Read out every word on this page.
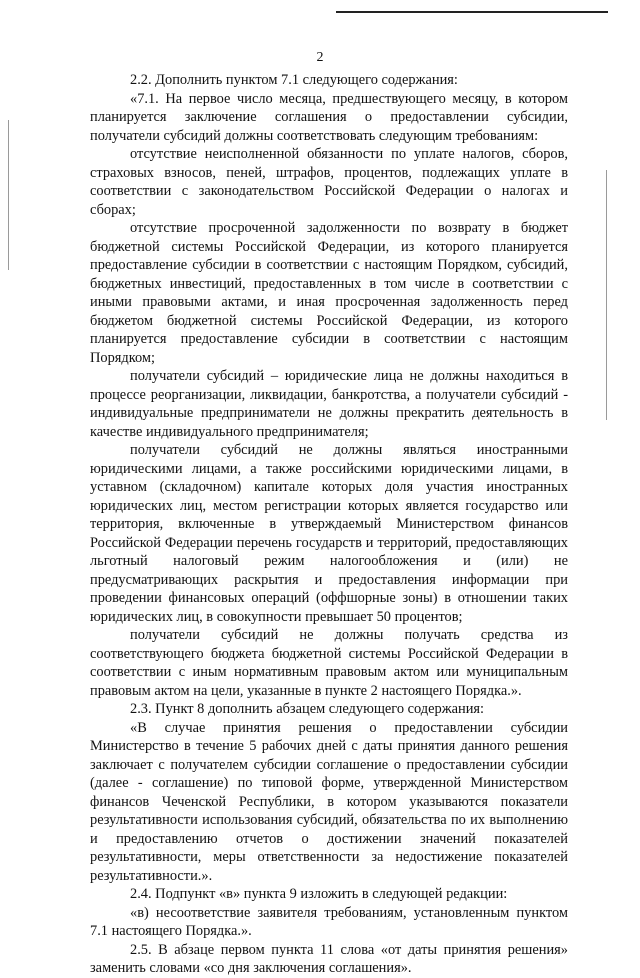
2

2.2. Дополнить пунктом 7.1 следующего содержания:

«7.1. На первое число месяца, предшествующего месяцу, в котором планируется заключение соглашения о предоставлении субсидии, получатели субсидий должны соответствовать следующим требованиям:

отсутствие неисполненной обязанности по уплате налогов, сборов, страховых взносов, пеней, штрафов, процентов, подлежащих уплате в соответствии с законодательством Российской Федерации о налогах и сборах;

отсутствие просроченной задолженности по возврату в бюджет бюджетной системы Российской Федерации, из которого планируется предоставление субсидии в соответствии с настоящим Порядком, субсидий, бюджетных инвестиций, предоставленных в том числе в соответствии с иными правовыми актами, и иная просроченная задолженность перед бюджетом бюджетной системы Российской Федерации, из которого планируется предоставление субсидии в соответствии с настоящим Порядком;

получатели субсидий – юридические лица не должны находиться в процессе реорганизации, ликвидации, банкротства, а получатели субсидий - индивидуальные предприниматели не должны прекратить деятельность в качестве индивидуального предпринимателя;

получатели субсидий не должны являться иностранными юридическими лицами, а также российскими юридическими лицами, в уставном (складочном) капитале которых доля участия иностранных юридических лиц, местом регистрации которых является государство или территория, включенные в утверждаемый Министерством финансов Российской Федерации перечень государств и территорий, предоставляющих льготный налоговый режим налогообложения и (или) не предусматривающих раскрытия и предоставления информации при проведении финансовых операций (оффшорные зоны) в отношении таких юридических лиц, в совокупности превышает 50 процентов;

получатели субсидий не должны получать средства из соответствующего бюджета бюджетной системы Российской Федерации в соответствии с иным нормативным правовым актом или муниципальным правовым актом на цели, указанные в пункте 2 настоящего Порядка.».

2.3. Пункт 8 дополнить абзацем следующего содержания:

«В случае принятия решения о предоставлении субсидии Министерство в течение 5 рабочих дней с даты принятия данного решения заключает с получателем субсидии соглашение о предоставлении субсидии (далее - соглашение) по типовой форме, утвержденной Министерством финансов Чеченской Республики, в котором указываются показатели результативности использования субсидий, обязательства по их выполнению и предоставлению отчетов о достижении значений показателей результативности, меры ответственности за недостижение показателей результативности.».

2.4. Подпункт «в» пункта 9 изложить в следующей редакции:

«в) несоответствие заявителя требованиям, установленным пунктом 7.1 настоящего Порядка.».

2.5. В абзаце первом пункта 11 слова «от даты принятия решения» заменить словами «со дня заключения соглашения».
